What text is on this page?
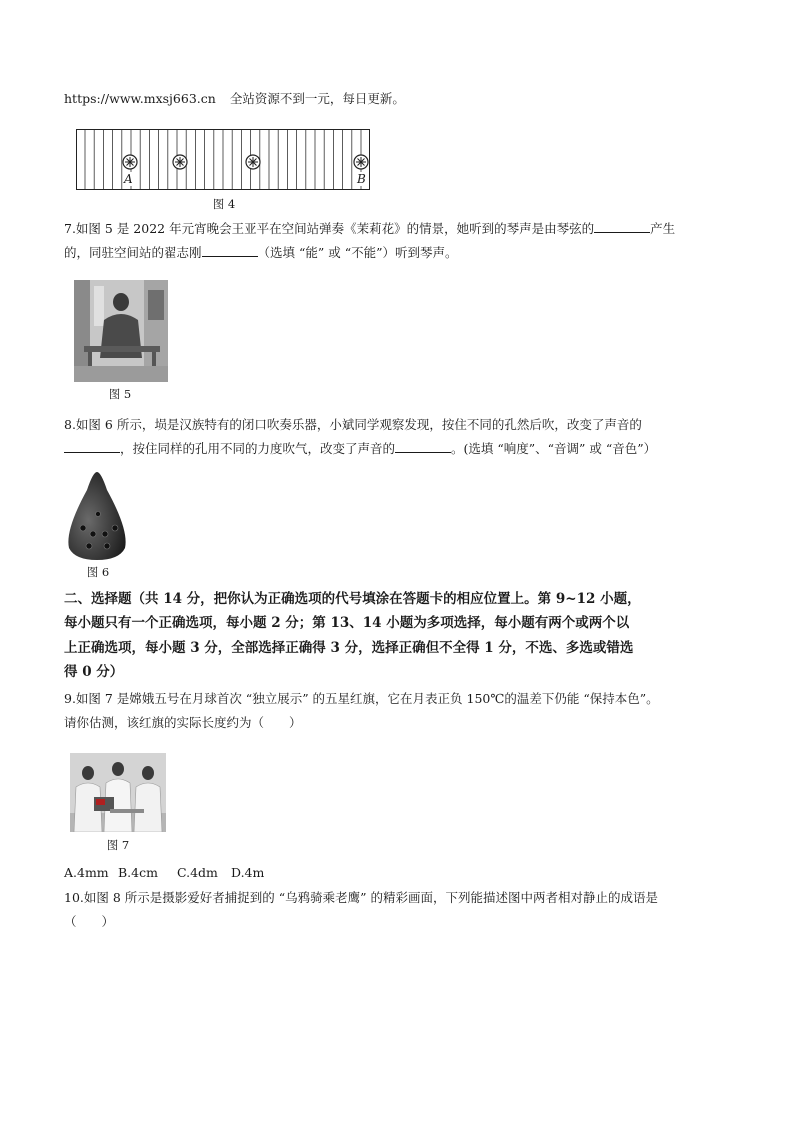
https://www.mxsj663.cn 全站资源不到一元，每日更新。
A	B
图 4
7.如图 5 是 2022 年元宵晚会王亚平在空间站弹奏《茉莉花》的情景，她听到的琴声是由琴弦的	产生
的，同驻空间站的翟志刚	（选填 “能” 或 “不能”）听到琴声。
图 5
8.如图 6 所示，埙是汉族特有的闭口吹奏乐器，小斌同学观察发现，按住不同的孔然后吹，改变了声音的
，按住同样的孔用不同的力度吹气，改变了声音的	。(选填 “响度”、“音调” 或 “音色”）
图 6
二、选择题（共 14 分，把你认为正确选项的代号填涂在答题卡的相应位置上。第 9~12 小题，
每小题只有一个正确选项，每小题 2 分；第 13、14 小题为多项选择，每小题有两个或两个以
上正确选项，每小题 3 分，全部选择正确得 3 分，选择正确但不全得 1 分，不选、多选或错选
得 0 分）
9.如图 7 是嫦娥五号在月球首次 “独立展示” 的五星红旗，它在月表正负 150℃的温差下仍能 “保持本色”。
请你估测，该红旗的实际长度约为（　　）
图 7
A.4mm B.4cm C.4dm D.4m
10.如图 8 所示是摄影爱好者捕捉到的 “乌鸦骑乘老鹰” 的精彩画面，下列能描述图中两者相对静止的成语是
（　　）
